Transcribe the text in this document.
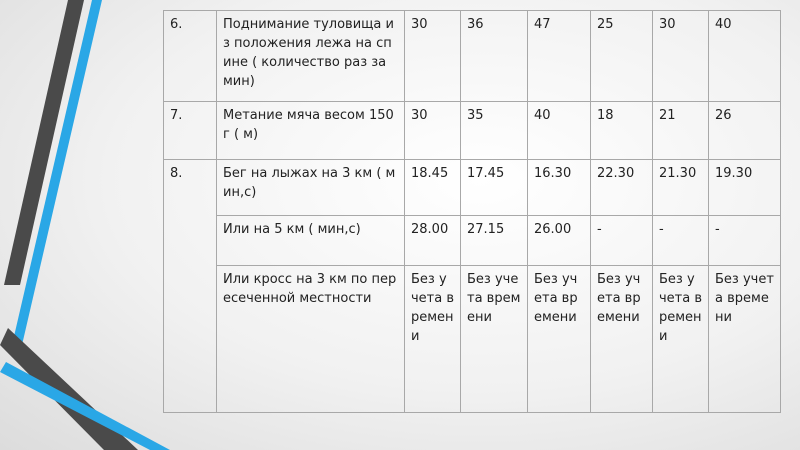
6.	Поднимание туловища из положения лежа на спине ( количество раз за мин)	30	36	47	25	30	40
7.	Метание мяча весом 150 г ( м)	30	35	40	18	21	26
8.	Бег на лыжах на 3 км ( мин,с)	18.45	17.45	16.30	22.30	21.30	19.30
	Или на 5 км ( мин,с)	28.00	27.15	26.00	-	-	-
	Или кросс на 3 км по пересеченной местности	Без учета времени	Без учета времени	Без учета времени	Без учета времени	Без учета времени	Без учета времени
